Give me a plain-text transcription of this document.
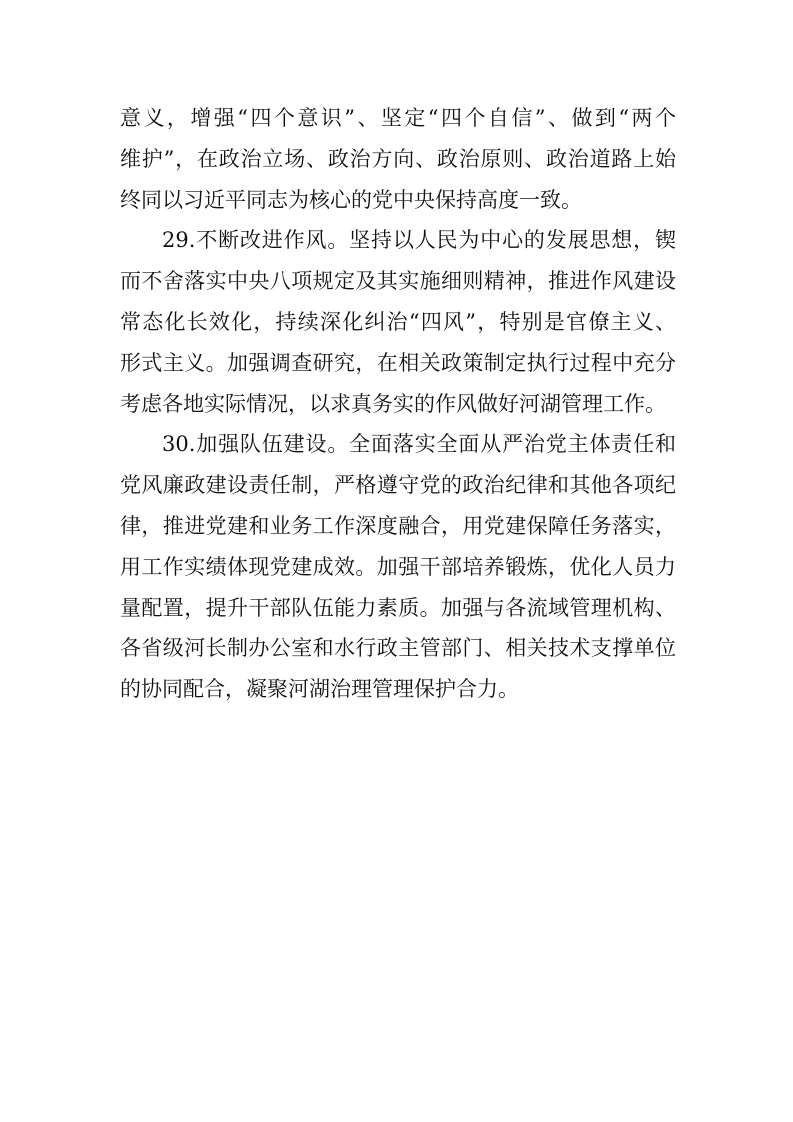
意义，增强“四个意识”、坚定“四个自信”、做到“两个
维护”，在政治立场、政治方向、政治原则、政治道路上始
终同以习近平同志为核心的党中央保持高度一致。
29.不断改进作风。坚持以人民为中心的发展思想，锲
而不舍落实中央八项规定及其实施细则精神，推进作风建设
常态化长效化，持续深化纠治“四风”，特别是官僚主义、
形式主义。加强调查研究，在相关政策制定执行过程中充分
考虑各地实际情况，以求真务实的作风做好河湖管理工作。
30.加强队伍建设。全面落实全面从严治党主体责任和
党风廉政建设责任制，严格遵守党的政治纪律和其他各项纪
律，推进党建和业务工作深度融合，用党建保障任务落实，
用工作实绩体现党建成效。加强干部培养锻炼，优化人员力
量配置，提升干部队伍能力素质。加强与各流域管理机构、
各省级河长制办公室和水行政主管部门、相关技术支撑单位
的协同配合，凝聚河湖治理管理保护合力。
